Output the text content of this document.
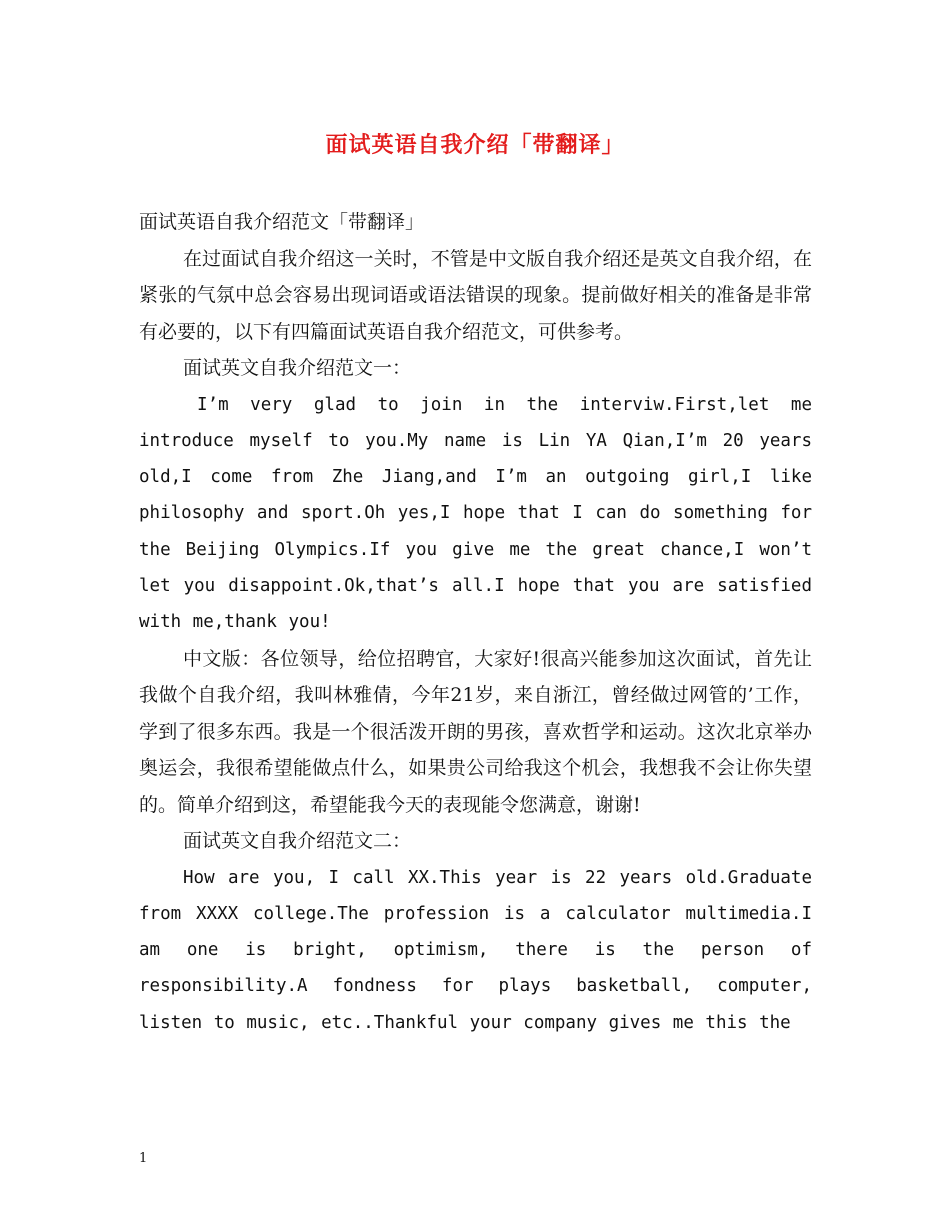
面试英语自我介绍「带翻译」

面试英语自我介绍范文「带翻译」

在过面试自我介绍这一关时，不管是中文版自我介绍还是英文自我介绍，在紧张的气氛中总会容易出现词语或语法错误的现象。提前做好相关的准备是非常有必要的，以下有四篇面试英语自我介绍范文，可供参考。

面试英文自我介绍范文一：

I’m very glad to join in the interviw.First,let me introduce myself to you.My name is Lin YA Qian,I’m 20 years old,I come from Zhe Jiang,and I’m an outgoing girl,I like philosophy and sport.Oh yes,I hope that I can do something for the Beijing Olympics.If you give me the great chance,I won’t let you disappoint.Ok,that’s all.I hope that you are satisfied with me,thank you!

中文版：各位领导，给位招聘官，大家好!很高兴能参加这次面试，首先让我做个自我介绍，我叫林雅倩，今年21岁，来自浙江，曾经做过网管的’工作，学到了很多东西。我是一个很活泼开朗的男孩，喜欢哲学和运动。这次北京举办奥运会，我很希望能做点什么，如果贵公司给我这个机会，我想我不会让你失望的。简单介绍到这，希望能我今天的表现能令您满意，谢谢!

面试英文自我介绍范文二：

How are you, I call XX.This year is 22 years old.Graduate from XXXX college.The profession is a calculator multimedia.I am one is bright, optimism, there is the person of responsibility.A fondness for plays basketball, computer, listen to music, etc..Thankful your company gives me this the

1
